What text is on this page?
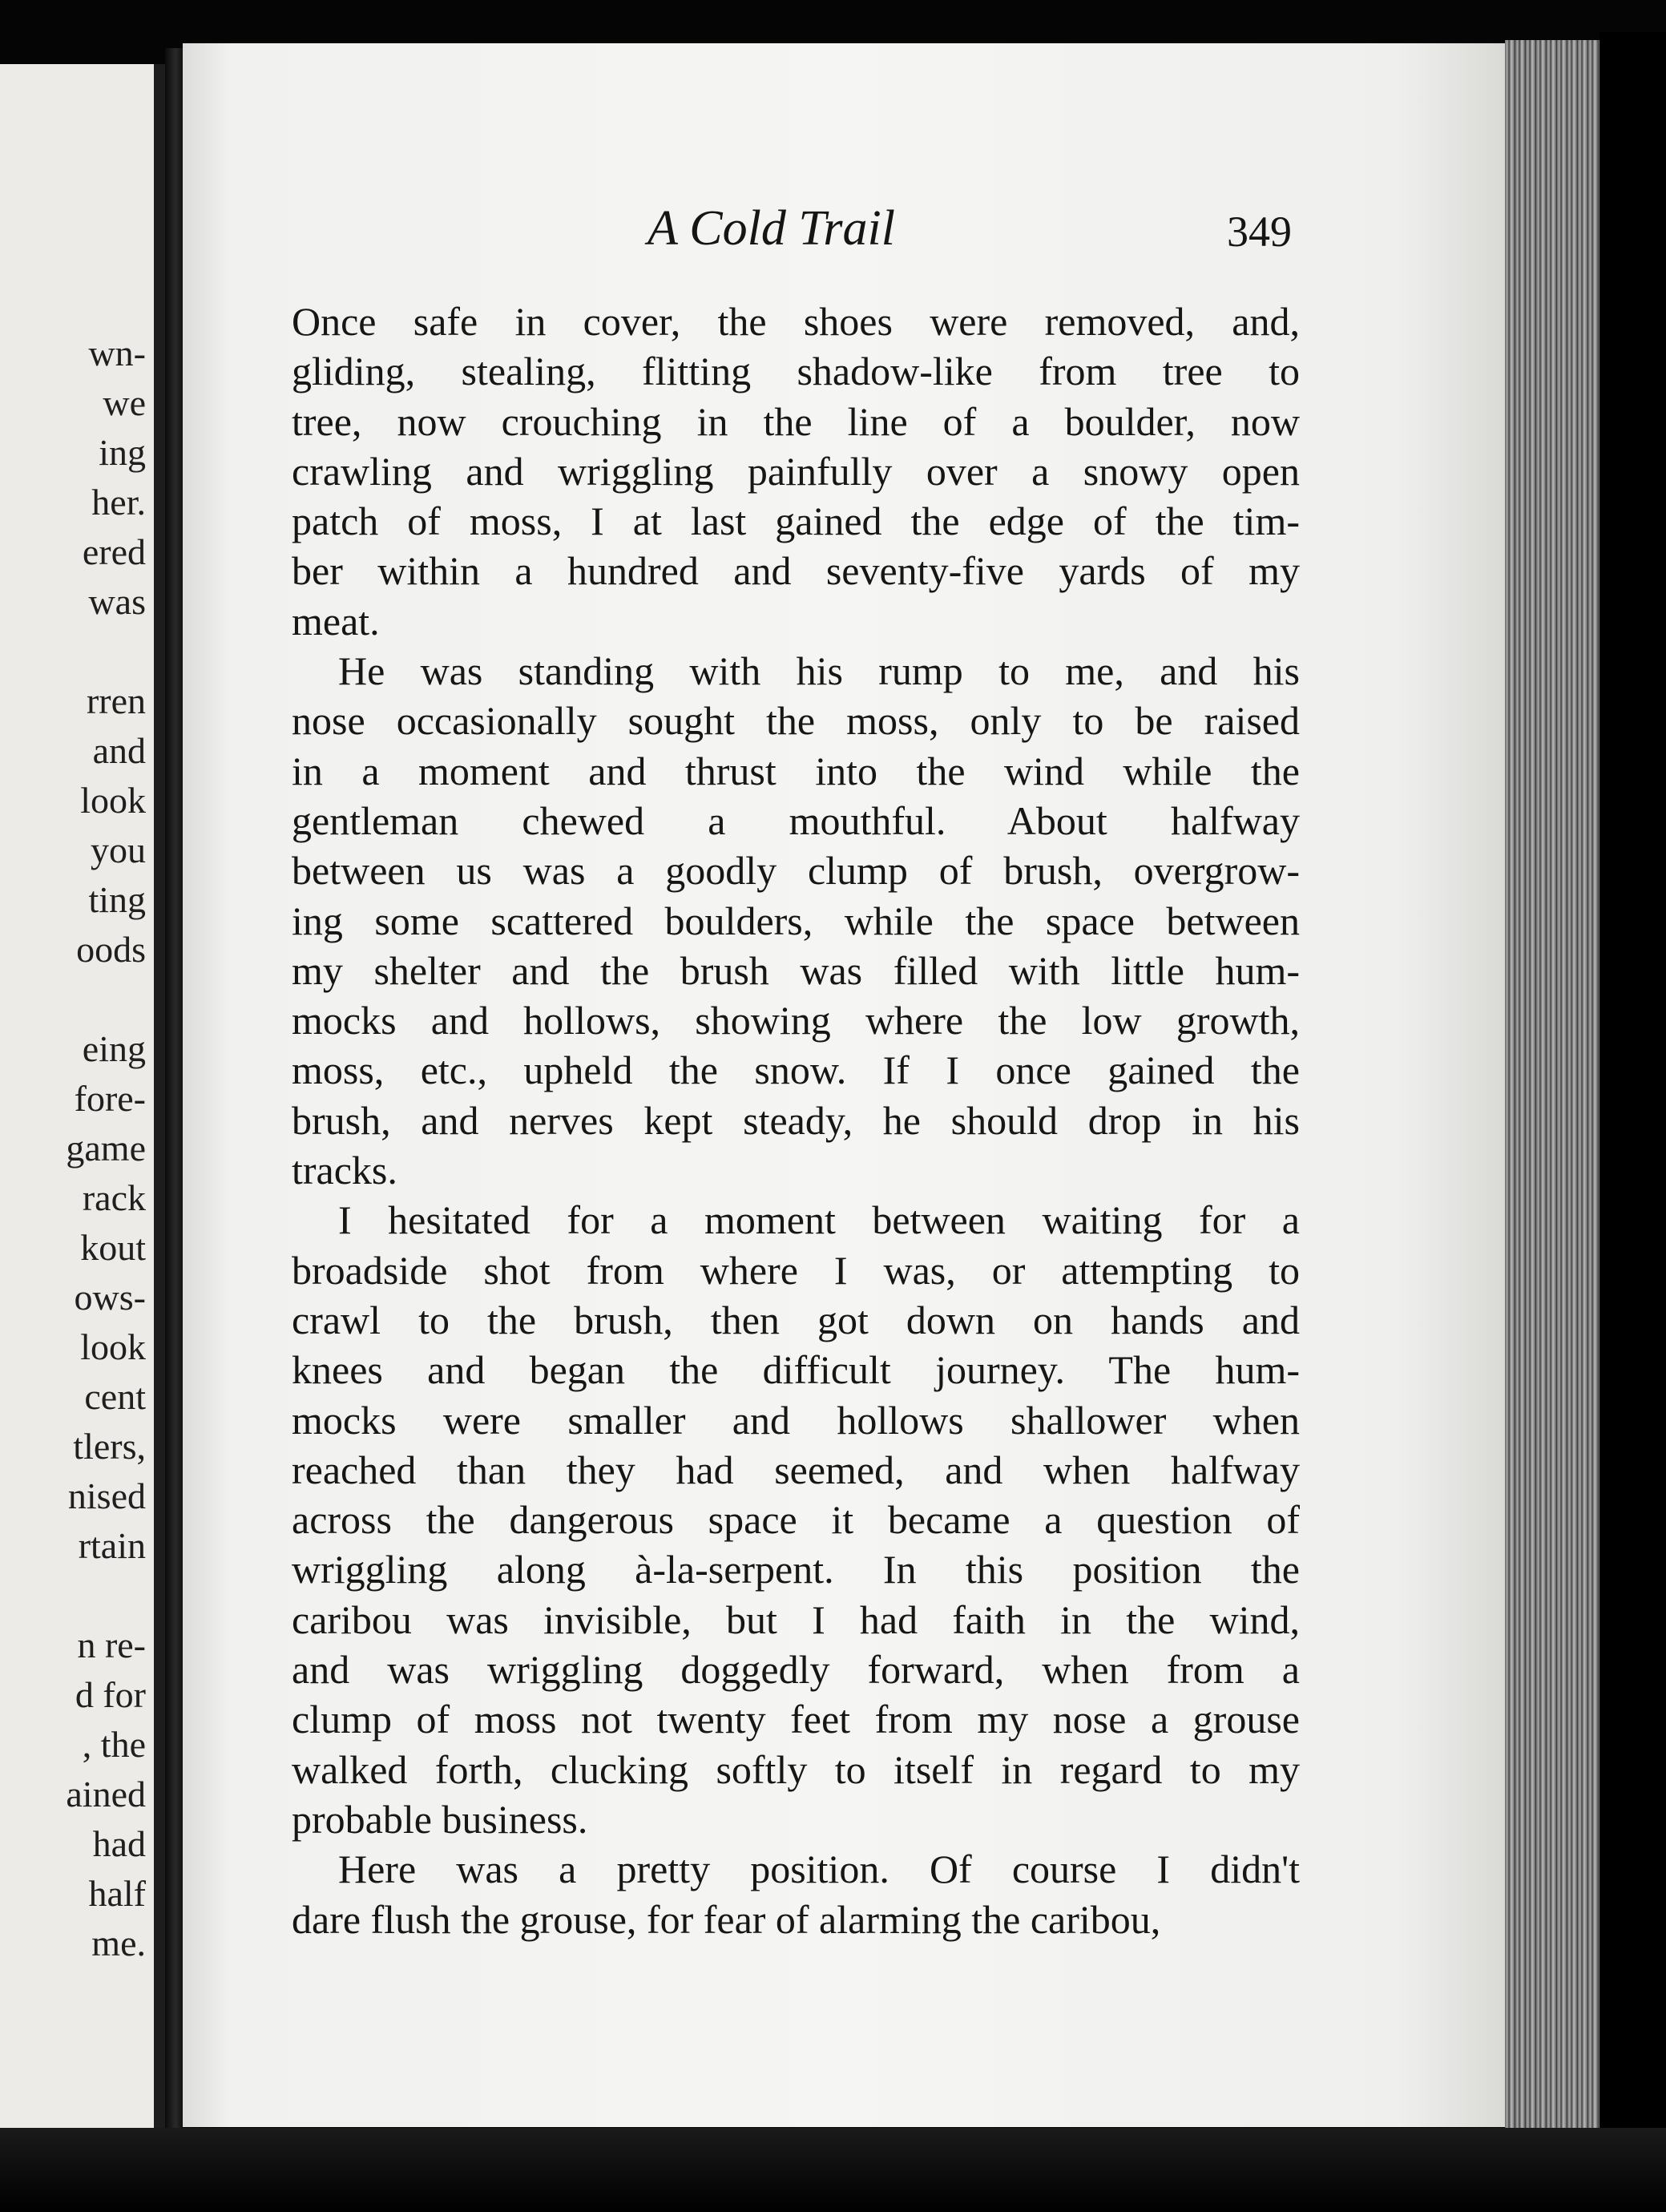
wn-
we
ing
her.
ered
was
rren
and
look
you
ting
oods
eing
fore-
game
rack
kout
ows-
look
cent
tlers,
nised
rtain
n re-
d for
, the
ained
had
half
me.
A Cold Trail	349
Once safe in cover, the shoes were removed, and,
gliding, stealing, flitting shadow-like from tree to
tree, now crouching in the line of a boulder, now
crawling and wriggling painfully over a snowy open
patch of moss, I at last gained the edge of the tim-
ber within a hundred and seventy-five yards of my
meat.
He was standing with his rump to me, and his
nose occasionally sought the moss, only to be raised
in a moment and thrust into the wind while the
gentleman chewed a mouthful. About halfway
between us was a goodly clump of brush, overgrow-
ing some scattered boulders, while the space between
my shelter and the brush was filled with little hum-
mocks and hollows, showing where the low growth,
moss, etc., upheld the snow. If I once gained the
brush, and nerves kept steady, he should drop in his
tracks.
I hesitated for a moment between waiting for a
broadside shot from where I was, or attempting to
crawl to the brush, then got down on hands and
knees and began the difficult journey. The hum-
mocks were smaller and hollows shallower when
reached than they had seemed, and when halfway
across the dangerous space it became a question of
wriggling along à-la-serpent. In this position the
caribou was invisible, but I had faith in the wind,
and was wriggling doggedly forward, when from a
clump of moss not twenty feet from my nose a grouse
walked forth, clucking softly to itself in regard to my
probable business.
Here was a pretty position. Of course I didn't
dare flush the grouse, for fear of alarming the caribou,
